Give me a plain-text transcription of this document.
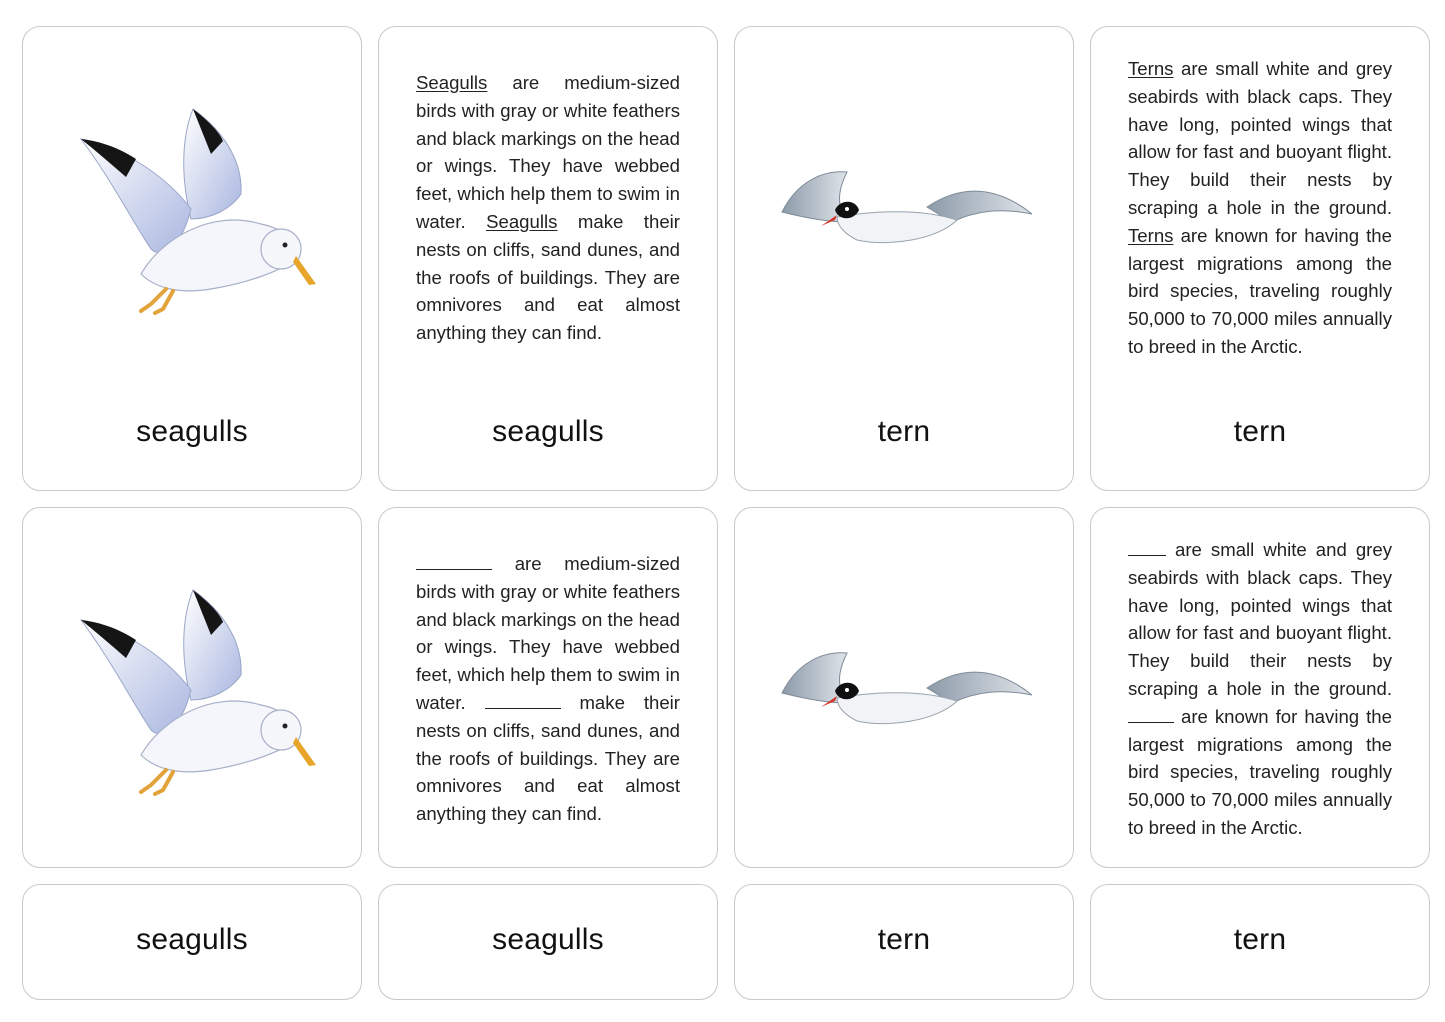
seagulls
Seagulls are medium-sized birds with gray or white feathers and black markings on the head or wings. They have webbed feet, which help them to swim in water. Seagulls make their nests on cliffs, sand dunes, and the roofs of buildings. They are omnivores and eat almost anything they can find.
seagulls	tern
Terns are small white and grey seabirds with black caps. They have long, pointed wings that allow for fast and buoyant flight. They build their nests by scraping a hole in the ground. Terns are known for having the largest migrations among the bird species, traveling roughly 50,000 to 70,000 miles annually to breed in the Arctic.
tern
are medium-sized birds with gray or white feathers and black markings on the head or wings. They have webbed feet, which help them to swim in water.	make their nests on cliffs, sand dunes, and the roofs of buildings. They are omnivores and eat almost anything they can find.
are small white and grey seabirds with black caps. They have long, pointed wings that allow for fast and buoyant flight. They build their nests by scraping a hole in the ground.  are known for having the largest migrations among the bird species, traveling roughly 50,000 to 70,000 miles annually to breed in the Arctic.
seagulls	seagulls	tern	tern
